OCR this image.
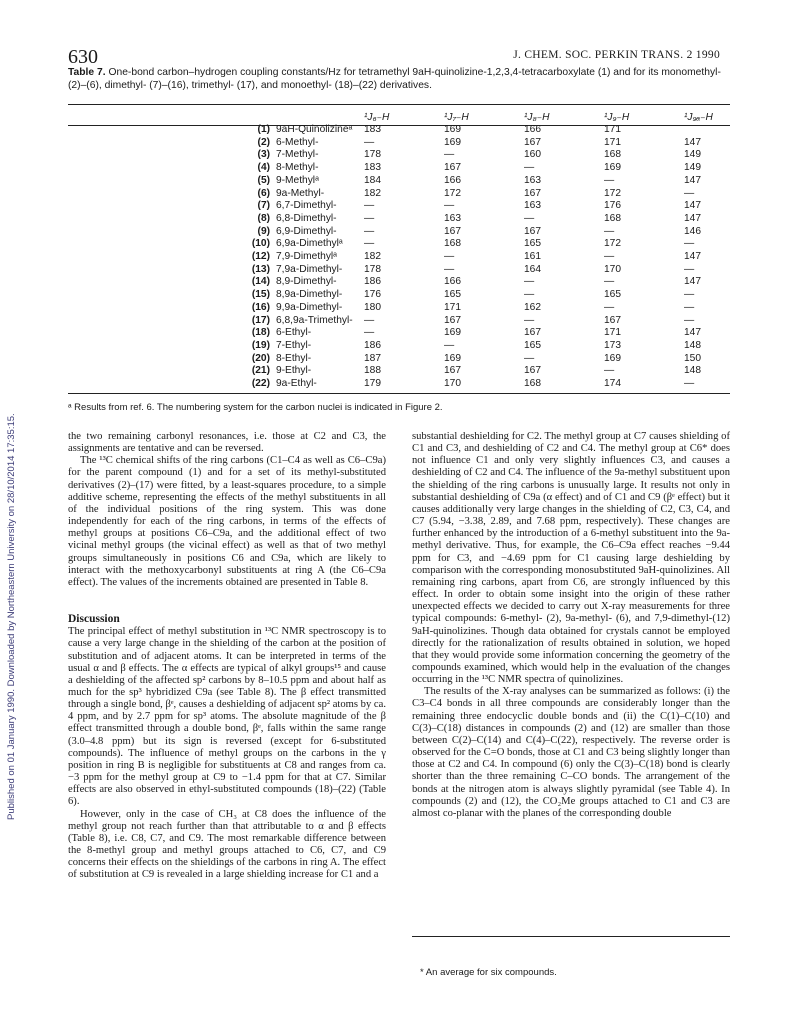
Published on 01 January 1990. Downloaded by Northeastern University on 28/10/2014 17:35:15.
630	J. CHEM. SOC. PERKIN TRANS. 2 1990
Table 7. One-bond carbon–hydrogen coupling constants/Hz for tetramethyl 9aH-quinolizine-1,2,3,4-tetracarboxylate (1) and for its monomethyl- (2)–(6), dimethyl- (7)–(16), trimethyl- (17), and monoethyl- (18)–(22) derivatives.
		¹J₆₋H	¹J₇₋H	¹J₈₋H	¹J₉₋H	¹J₉ₐ₋H
(1)	9aH-Quinolizineᵃ	183	169	166	171	
(2)	6-Methyl-	—	169	167	171	147
(3)	7-Methyl-	178	—	160	168	149
(4)	8-Methyl-	183	167	—	169	149
(5)	9-Methylᵃ	184	166	163	—	147
(6)	9a-Methyl-	182	172	167	172	—
(7)	6,7-Dimethyl-	—	—	163	176	147
(8)	6,8-Dimethyl-	—	163	—	168	147
(9)	6,9-Dimethyl-	—	167	167	—	146
(10)	6,9a-Dimethylᵃ	—	168	165	172	—
(12)	7,9-Dimethylᵃ	182	—	161	—	147
(13)	7,9a-Dimethyl-	178	—	164	170	—
(14)	8,9-Dimethyl-	186	166	—	—	147
(15)	8,9a-Dimethyl-	176	165	—	165	—
(16)	9,9a-Dimethyl-	180	171	162	—	—
(17)	6,8,9a-Trimethyl-	—	167	—	167	—
(18)	6-Ethyl-	—	169	167	171	147
(19)	7-Ethyl-	186	—	165	173	148
(20)	8-Ethyl-	187	169	—	169	150
(21)	9-Ethyl-	188	167	167	—	148
(22)	9a-Ethyl-	179	170	168	174	—
ᵃ Results from ref. 6. The numbering system for the carbon nuclei is indicated in Figure 2.

the two remaining carbonyl resonances, i.e. those at C2 and C3, the assignments are tentative and can be reversed.

The ¹³C chemical shifts of the ring carbons (C1–C4 as well as C6–C9a) for the parent compound (1) and for a set of its methyl-substituted derivatives (2)–(17) were fitted, by a least-squares procedure, to a simple additive scheme, representing the effects of the methyl substituents in all of the individual positions of the ring system. This was done independently for each of the ring carbons, in terms of the effects of methyl groups at positions C6–C9a, and the additional effect of two vicinal methyl groups (the vicinal effect) as well as that of two methyl groups simultaneously in positions C6 and C9a, which are likely to interact with the methoxycarbonyl substituents at ring A (the C6–C9a effect). The values of the increments obtained are presented in Table 8.

Discussion

The principal effect of methyl substitution in ¹³C NMR spectroscopy is to cause a very large change in the shielding of the carbon at the position of substitution and of adjacent atoms. It can be interpreted in terms of the usual α and β effects. The α effects are typical of alkyl groups¹⁵ and cause a deshielding of the affected sp² carbons by 8–10.5 ppm and about half as much for the sp³ hybridized C9a (see Table 8). The β effect transmitted through a single bond, βᵉ, causes a deshielding of adjacent sp² atoms by ca. 4 ppm, and by 2.7 ppm for sp³ atoms. The absolute magnitude of the β effect transmitted through a double bond, βᵉ, falls within the same range (3.0–4.8 ppm) but its sign is reversed (except for 6-substituted compounds). The influence of methyl groups on the carbons in the γ position in ring B is negligible for substituents at C8 and ranges from ca. −3 ppm for the methyl group at C9 to −1.4 ppm for that at C7. Similar effects are also observed in ethyl-substituted compounds (18)–(22) (Table 6).

However, only in the case of CH₃ at C8 does the influence of the methyl group not reach further than that attributable to α and β effects (Table 8), i.e. C8, C7, and C9. The most remarkable difference between the 8-methyl group and methyl groups attached to C6, C7, and C9 concerns their effects on the shieldings of the carbons in ring A. The effect of substitution at C9 is revealed in a large shielding increase for C1 and a

substantial deshielding for C2. The methyl group at C7 causes shielding of C1 and C3, and deshielding of C2 and C4. The methyl group at C6* does not influence C1 and only very slightly influences C3, and causes a deshielding of C2 and C4. The influence of the 9a-methyl substituent upon the shielding of the ring carbons is unusually large. It results not only in substantial deshielding of C9a (α effect) and of C1 and C9 (βᵉ effect) but it causes additionally very large changes in the shielding of C2, C3, C4, and C7 (5.94, −3.38, 2.89, and 7.68 ppm, respectively). These changes are further enhanced by the introduction of a 6-methyl substituent into the 9a-methyl derivative. Thus, for example, the C6–C9a effect reaches −9.44 ppm for C3, and −4.69 ppm for C1 causing large deshielding by comparison with the corresponding monosubstituted 9aH-quinolizines. All remaining ring carbons, apart from C6, are strongly influenced by this effect. In order to obtain some insight into the origin of these rather unexpected effects we decided to carry out X-ray measurements for three typical compounds: 6-methyl- (2), 9a-methyl- (6), and 7,9-dimethyl-(12) 9aH-quinolizines. Though data obtained for crystals cannot be employed directly for the rationalization of results obtained in solution, we hoped that they would provide some information concerning the geometry of the compounds examined, which would help in the evaluation of the changes occurring in the ¹³C NMR spectra of quinolizines.

The results of the X-ray analyses can be summarized as follows: (i) the C3–C4 bonds in all three compounds are considerably longer than the remaining three endocyclic double bonds and (ii) the C(1)–C(10) and C(3)–C(18) distances in compounds (2) and (12) are smaller than those between C(2)–C(14) and C(4)–C(22), respectively. The reverse order is observed for the C=O bonds, those at C1 and C3 being slightly longer than those at C2 and C4. In compound (6) only the C(3)–C(18) bond is clearly shorter than the three remaining C–CO bonds. The arrangement of the bonds at the nitrogen atom is always slightly pyramidal (see Table 4). In compounds (2) and (12), the CO₂Me groups attached to C1 and C3 are almost co-planar with the planes of the corresponding double

* An average for six compounds.
